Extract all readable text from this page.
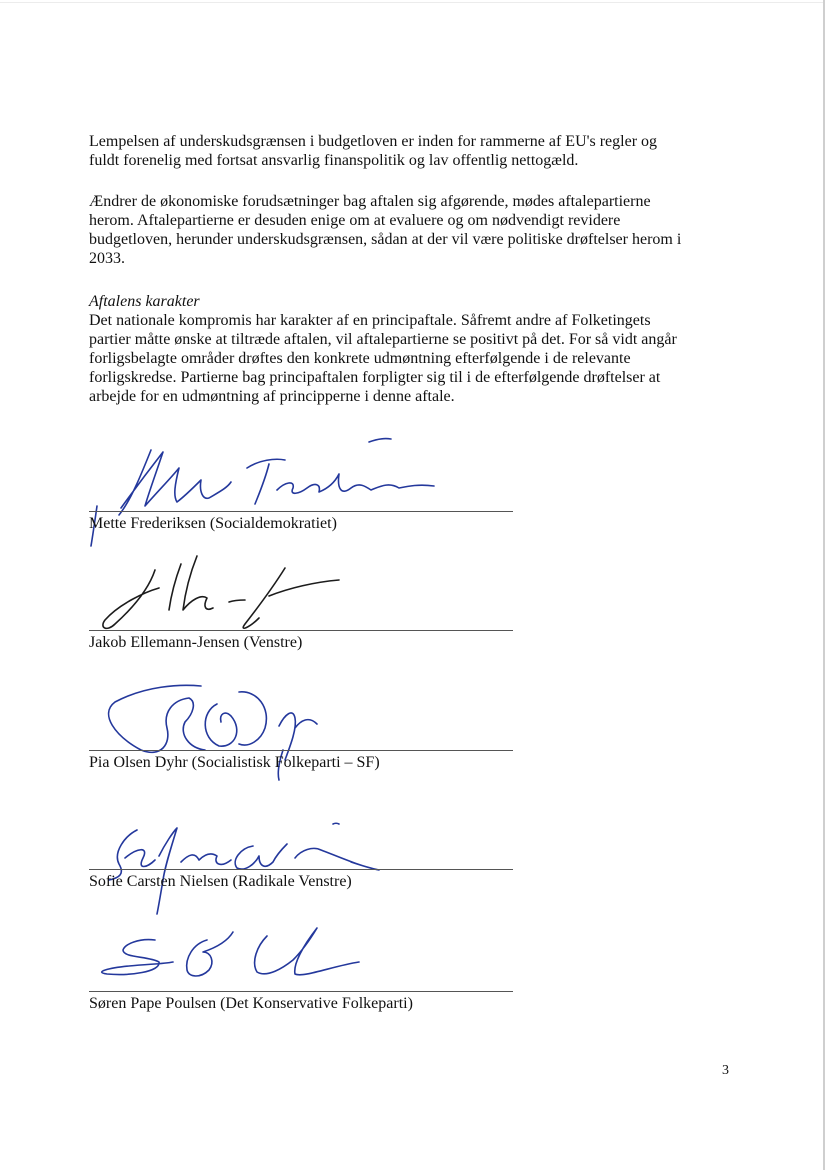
Lempelsen af underskudsgrænsen i budgetloven er inden for rammerne af EU's regler og
fuldt forenelig med fortsat ansvarlig finanspolitik og lav offentlig nettogæld.
Ændrer de økonomiske forudsætninger bag aftalen sig afgørende, mødes aftalepartierne
herom. Aftalepartierne er desuden enige om at evaluere og om nødvendigt revidere
budgetloven, herunder underskudsgrænsen, sådan at der vil være politiske drøftelser herom i
2033.
Aftalens karakter
Det nationale kompromis har karakter af en principaftale. Såfremt andre af Folketingets
partier måtte ønske at tiltræde aftalen, vil aftalepartierne se positivt på det. For så vidt angår
forligsbelagte områder drøftes den konkrete udmøntning efterfølgende i de relevante
forligskredse. Partierne bag principaftalen forpligter sig til i de efterfølgende drøftelser at
arbejde for en udmøntning af principperne i denne aftale.
Mette Frederiksen (Socialdemokratiet)
Jakob Ellemann-Jensen (Venstre)
Pia Olsen Dyhr (Socialistisk Folkeparti – SF)
Sofie Carsten Nielsen (Radikale Venstre)
Søren Pape Poulsen (Det Konservative Folkeparti)
3
